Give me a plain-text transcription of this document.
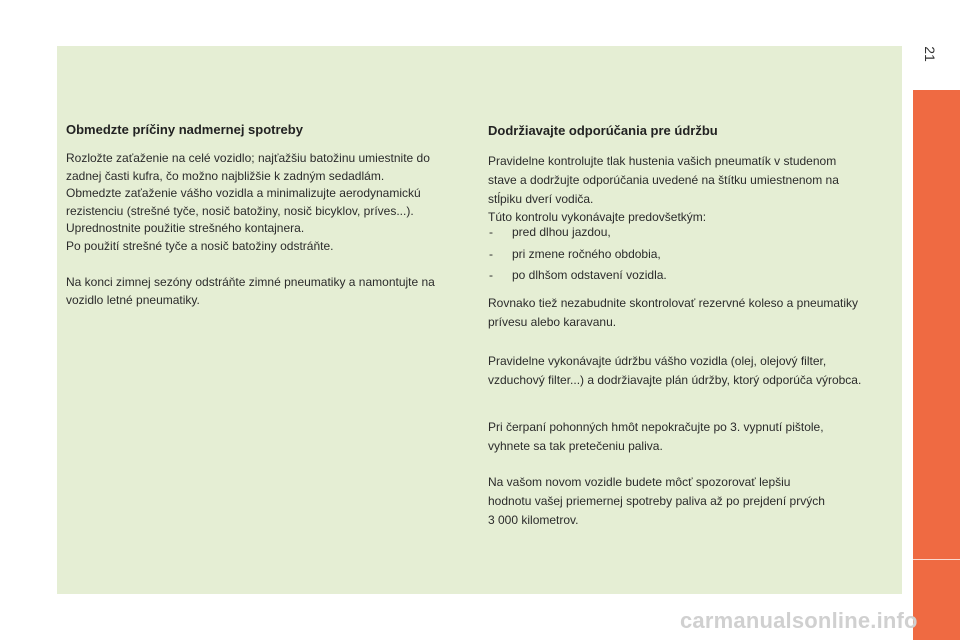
Obmedzte príčiny nadmernej spotreby

Rozložte zaťaženie na celé vozidlo; najťažšiu batožinu umiestnite do
zadnej časti kufra, čo možno najbližšie k zadným sedadlám.
Obmedzte zaťaženie vášho vozidla a minimalizujte aerodynamickú
rezistenciu (strešné tyče, nosič batožiny, nosič bicyklov, príves...).
Uprednostnite použitie strešného kontajnera.
Po použití strešné tyče a nosič batožiny odstráňte.

Na konci zimnej sezóny odstráňte zimné pneumatiky a namontujte na
vozidlo letné pneumatiky.

Dodržiavajte odporúčania pre údržbu

Pravidelne kontrolujte tlak hustenia vašich pneumatík v studenom
stave a dodržujte odporúčania uvedené na štítku umiestnenom na
stĺpiku dverí vodiča.

Túto kontrolu vykonávajte predovšetkým:

- pred dlhou jazdou,
- pri zmene ročného obdobia,
- po dlhšom odstavení vozidla.

Rovnako tiež nezabudnite skontrolovať rezervné koleso a pneumatiky
prívesu alebo karavanu.

Pravidelne vykonávajte údržbu vášho vozidla (olej, olejový filter,
vzduchový filter...) a dodržiavajte plán údržby, ktorý odporúča výrobca.

Pri čerpaní pohonných hmôt nepokračujte po 3. vypnutí pištole,
vyhnete sa tak pretečeniu paliva.

Na vašom novom vozidle budete môcť spozorovať lepšiu
hodnotu vašej priemernej spotreby paliva až po prejdení prvých
3 000 kilometrov.

21
carmanualsonline.info
